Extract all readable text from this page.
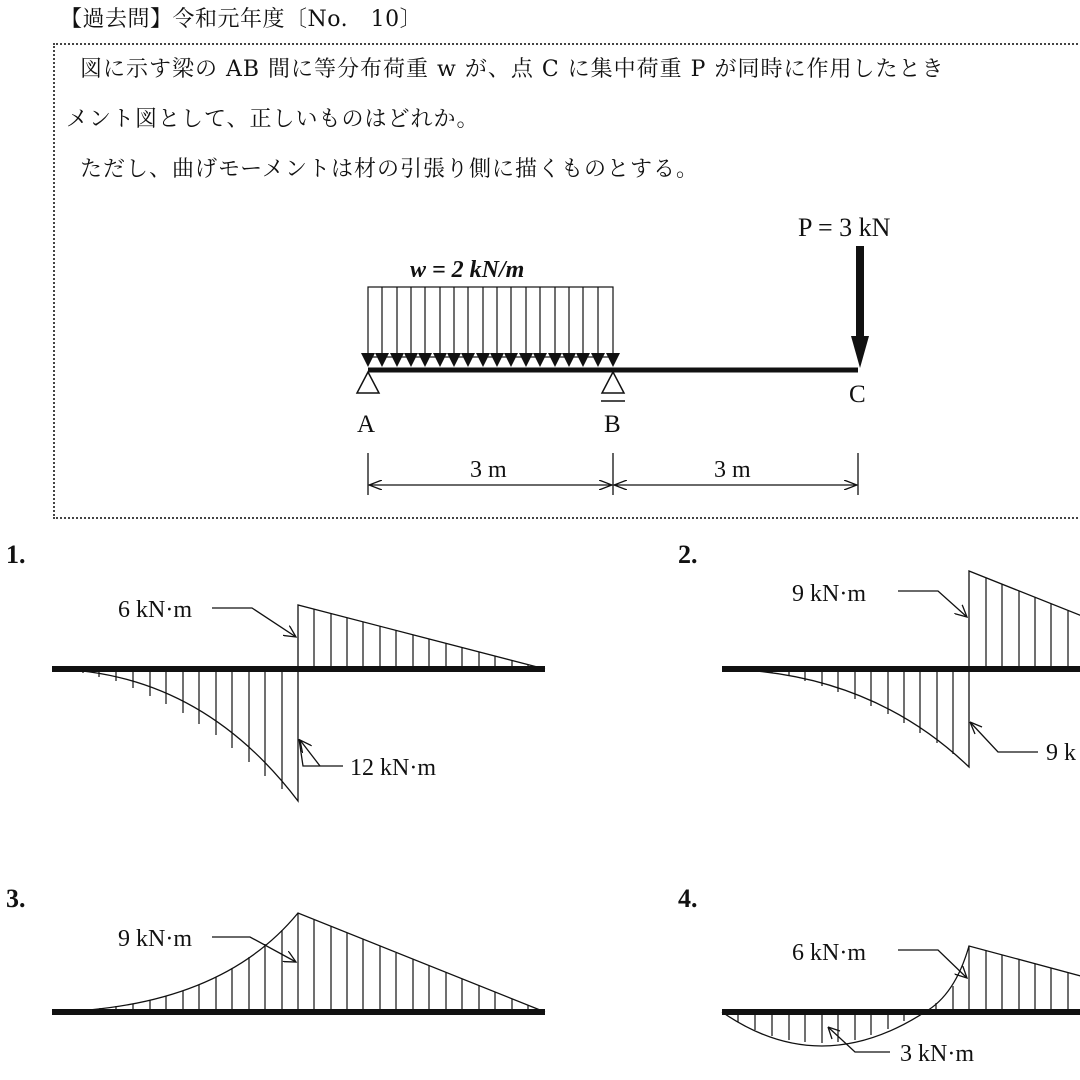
【過去問】令和元年度〔No.　10〕
図に示す梁の AB 間に等分布荷重 w が、点 C に集中荷重 P が同時に作用したとき
メント図として、正しいものはどれか。
ただし、曲げモーメントは材の引張り側に描くものとする。
w = 2 kN/m
P = 3 kN
A	B
C
3 m	3 m
6 kN·m
12 kN·m
9 kN·m
9 k
9 kN·m
6 kN·m
3 kN·m
1.	2.
3.	4.
